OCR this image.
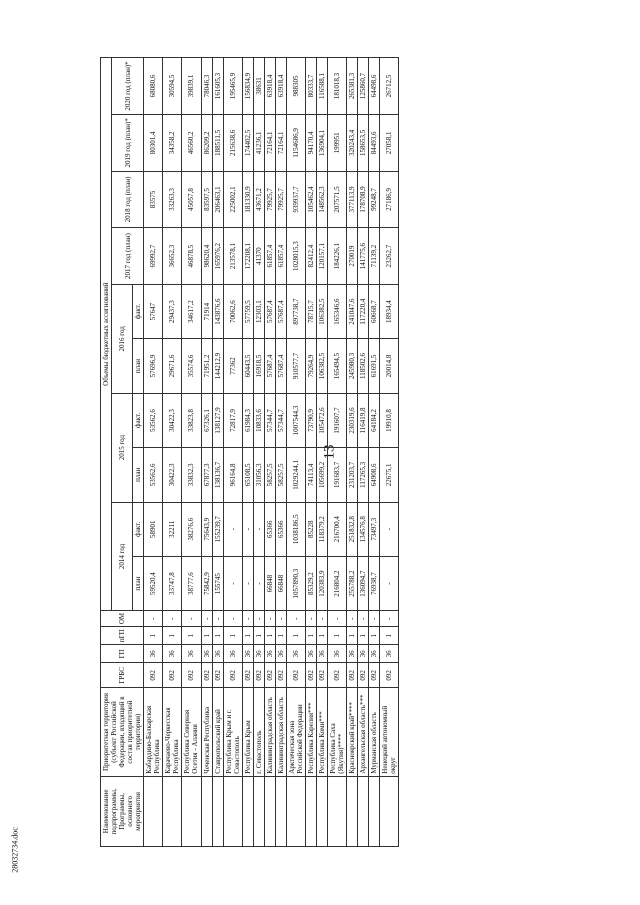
13
28032734.doc
Наименование подпрограммы, Программы, основного мероприятия	Приоритетная территория (субъект Российской Федерации, входящий в состав приоритетной территории)	ГРБС	ГП	пГП	ОМ	Объемы бюджетных ассигнований									
						2014 год		2015 год		2016 год		2017 год (план)	2018 год (план)	2019 год (план)*	2020 год (план)*
						план	факт.	план	факт.	план	факт.				
	Кабардино-Балкарская Республика	092	36	1	-	59520,4	58901	53562,6	53562,6	57696,9	57647	69992,7	83575	80301,4	68080,6
	Карачаево-Черкесская Республика	092	36	1	-	33747,8	32211	30422,3	30422,3	29671,6	29437,3	36652,3	33263,3	34358,2	30594,5
	Республика Северная Осетия - Алания	092	36	1	-	38777,6	38276,6	33832,3	33823,8	35574,6	34617,2	46878,5	45057,8	46560,2	39839,1
	Чеченская Республика	092	36	1	-	75842,9	75643,9	67877,3	67326,1	71951,2	71914	98620,4	83597,5	86209,2	78046,3
	Ставропольский край	092	36	1	-	155745	155239,7	138136,7	138127,9	144212,9	143876,6	165976,2	206463,1	188511,5	161605,3
	Республика Крым и г. Севастополь	092	36	1	-	-	-	96164,8	72817,9	77362	70062,6	213578,1	225002,1	215638,6	195465,9
	Республика Крым	092	36	1	-	-	-	65108,5	61984,3	60443,5	57759,5	172208,1	181330,9	174402,5	156834,9
	г. Севастополь	092	36	1	-	-	-	31056,3	10833,6	16918,5	12303,1	41370	43671,2	41236,1	38631
	Калининградская область	092	36	1	-	66848	65366	58257,5	57344,7	57687,4	57687,4	61857,4	79925,7	72164,1	63918,4
	Калининградская область	092	36	1	-	66848	65366	58257,5	57344,7	57687,4	57687,4	61857,4	79925,7	72164,1	63918,4
	Арктическая зона Российской Федерации	092	36	1	-	1057890,3	1038186,5	1029244,1	1007544,3	910577,7	897738,7	1028015,3	939937,7	1154686,9	988305
	Республика Карелия***	092	36	1	-	85329,2	85228	74113,4	73790,9	79264,9	78715,7	82412,4	105462,4	94170,4	80333,7
	Республика Коми***	092	36	1	-	120383,9	118379,2	105699,2	105472,6	106382,5	106382,5	120157,1	148562,3	136904,1	116588,1
	Республика Саха (Якутия)****	092	36	1	-	216804,2	216700,4	191683,7	191607,7	165494,5	165346,6	184226,1	207571,5	199951	181018,3
	Красноярский край****	092	36	1	-	255788,2	251832,8	231203,7	230319,6	245980,3	241047,6	270019	377113,9	320243,4	265381,3
	Архангельская область***	092	36	1	-	136094,7	134576,8	117265,3	116419,8	118502,6	117220,4	141775,6	178708,9	158653,5	125860,7
	Мурманская область	092	36	1	-	76938,7	73497,3	64908,6	64184,2	61691,5	60668,7	71139,2	99248,7	84493,6	64498,6
	Ненецкий автономный округ	092	36	1	-	-	-	22675,1	19910,8	20014,8	18934,4	23262,7	27186,9	27058,1	26712,5
